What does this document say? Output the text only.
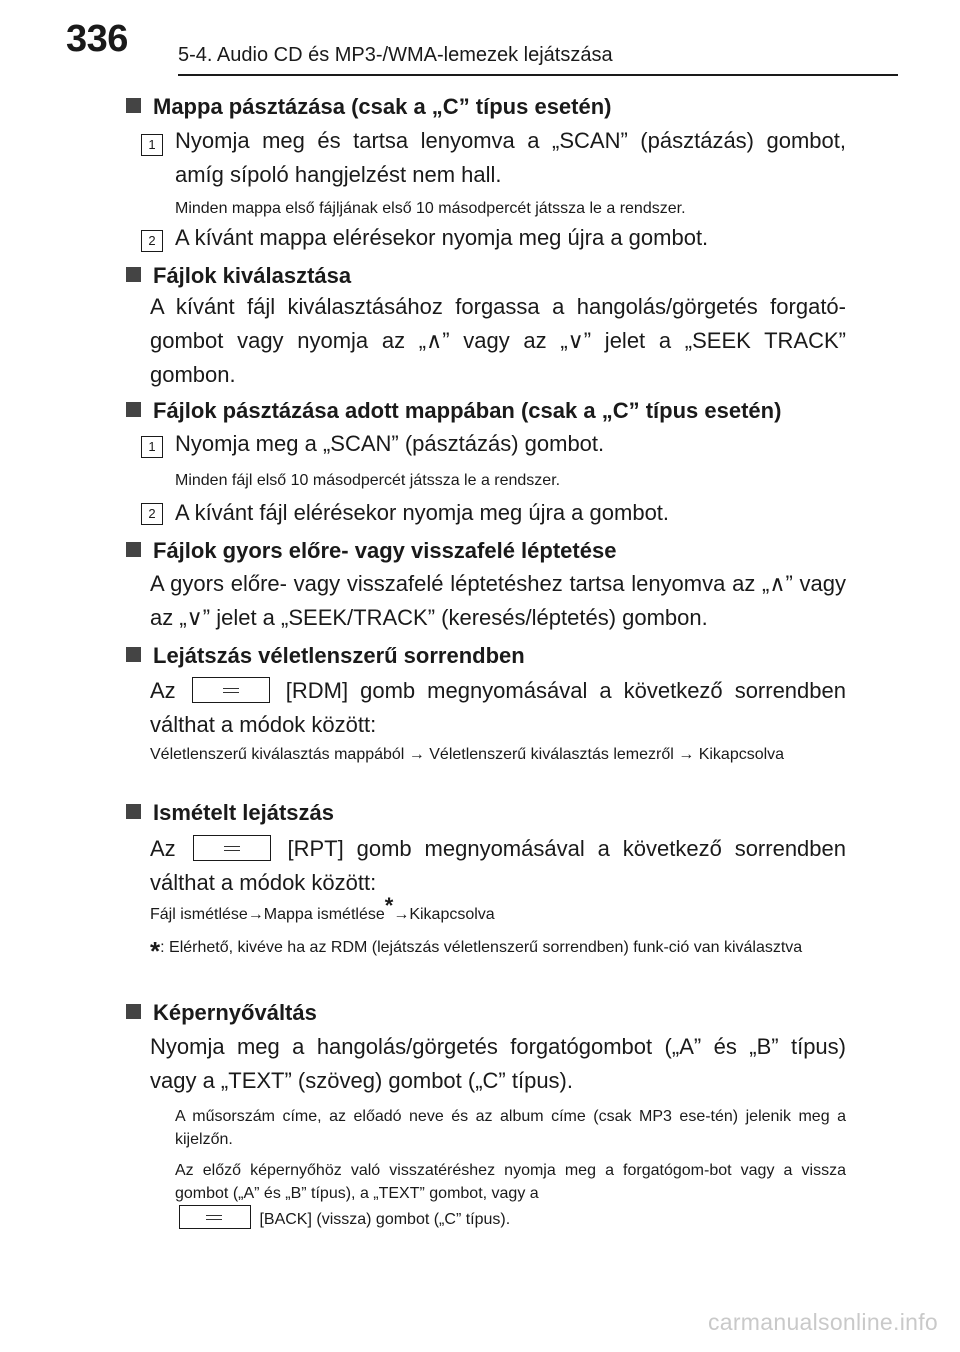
336	5-4. Audio CD és MP3-/WMA-lemezek lejátszása
Mappa pásztázása (csak a „C” típus esetén)
1 Nyomja meg és tartsa lenyomva a „SCAN” (pásztázás) gombot, amíg sípoló hangjelzést nem hall.
Minden mappa első fájljának első 10 másodpercét játssza le a rendszer.
2 A kívánt mappa elérésekor nyomja meg újra a gombot.
Fájlok kiválasztása
A kívánt fájl kiválasztásához forgassa a hangolás/görgetés forgató-gombot vagy nyomja az „∧” vagy az „∨” jelet a „SEEK TRACK” gombon.
Fájlok pásztázása adott mappában (csak a „C” típus esetén)
1 Nyomja meg a „SCAN” (pásztázás) gombot.
Minden fájl első 10 másodpercét játssza le a rendszer.
2 A kívánt fájl elérésekor nyomja meg újra a gombot.
Fájlok gyors előre- vagy visszafelé léptetése
A gyors előre- vagy visszafelé léptetéshez tartsa lenyomva az „∧” vagy az „∨” jelet a „SEEK/TRACK” (keresés/léptetés) gombon.
Lejátszás véletlenszerű sorrendben
Az	[RDM] gomb megnyomásával a következő sorrendben válthat a módok között:
Véletlenszerű kiválasztás mappából → Véletlenszerű kiválasztás lemezről → Kikapcsolva
Ismételt lejátszás
Az	[RPT] gomb megnyomásával a következő sorrendben válthat a módok között:
Fájl ismétlése→Mappa ismétlése*→Kikapcsolva
*: Elérhető, kivéve ha az RDM (lejátszás véletlenszerű sorrendben) funk-ció van kiválasztva
Képernyőváltás
Nyomja meg a hangolás/görgetés forgatógombot („A” és „B” típus) vagy a „TEXT” (szöveg) gombot („C” típus).
A műsorszám címe, az előadó neve és az album címe (csak MP3 ese-tén) jelenik meg a kijelzőn.
Az előző képernyőhöz való visszatéréshez nyomja meg a forgatógom-bot vagy a vissza gombot („A” és „B” típus), a „TEXT” gombot, vagy a
[BACK] (vissza) gombot („C” típus).
carmanualsonline.info
